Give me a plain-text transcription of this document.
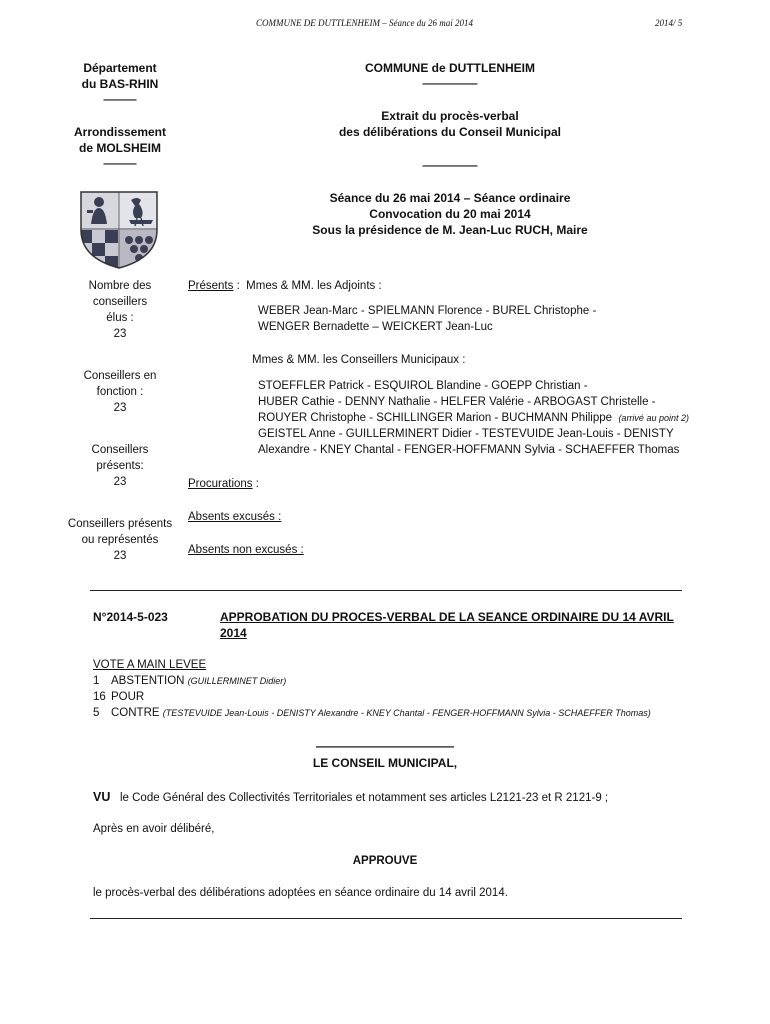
COMMUNE DE DUTTLENHEIM – Séance du 26 mai 2014	2014/ 5
Département
du BAS-RHIN
———
Arrondissement
de MOLSHEIM
———
COMMUNE de DUTTLENHEIM
—————
Extrait du procès-verbal
des délibérations du Conseil Municipal
—————
Séance du 26 mai 2014 – Séance ordinaire
Convocation du 20 mai 2014
Sous la présidence de M. Jean-Luc RUCH, Maire
Nombre des
conseillers
élus :
23
Conseillers en
fonction :
23
Conseillers
présents:
23
Conseillers présents
ou représentés
23
Présents : Mmes & MM. les Adjoints :
WEBER Jean-Marc - SPIELMANN Florence - BUREL Christophe -
WENGER Bernadette – WEICKERT Jean-Luc
Mmes & MM. les Conseillers Municipaux :
STOEFFLER Patrick - ESQUIROL Blandine - GOEPP Christian -
HUBER Cathie - DENNY Nathalie - HELFER Valérie - ARBOGAST Christelle -
ROUYER Christophe - SCHILLINGER Marion - BUCHMANN Philippe (arrivé au point 2)
GEISTEL Anne - GUILLERMINERT Didier - TESTEVUIDE Jean-Louis - DENISTY
Alexandre - KNEY Chantal - FENGER-HOFFMANN Sylvia - SCHAEFFER Thomas
Procurations :
Absents excusés :
Absents non excusés :
N°2014-5-023	APPROBATION DU PROCES-VERBAL DE LA SEANCE ORDINAIRE DU 14 AVRIL
2014
VOTE A MAIN LEVEE
1 ABSTENTION (GUILLERMINET Didier)
16 POUR
5 CONTRE (TESTEVUIDE Jean-Louis - DENISTY Alexandre - KNEY Chantal - FENGER-HOFFMANN Sylvia - SCHAEFFER Thomas)
————————————
LE CONSEIL MUNICIPAL,
VU le Code Général des Collectivités Territoriales et notamment ses articles L2121-23 et R 2121-9 ;
Après en avoir délibéré,
APPROUVE
le procès-verbal des délibérations adoptées en séance ordinaire du 14 avril 2014.
